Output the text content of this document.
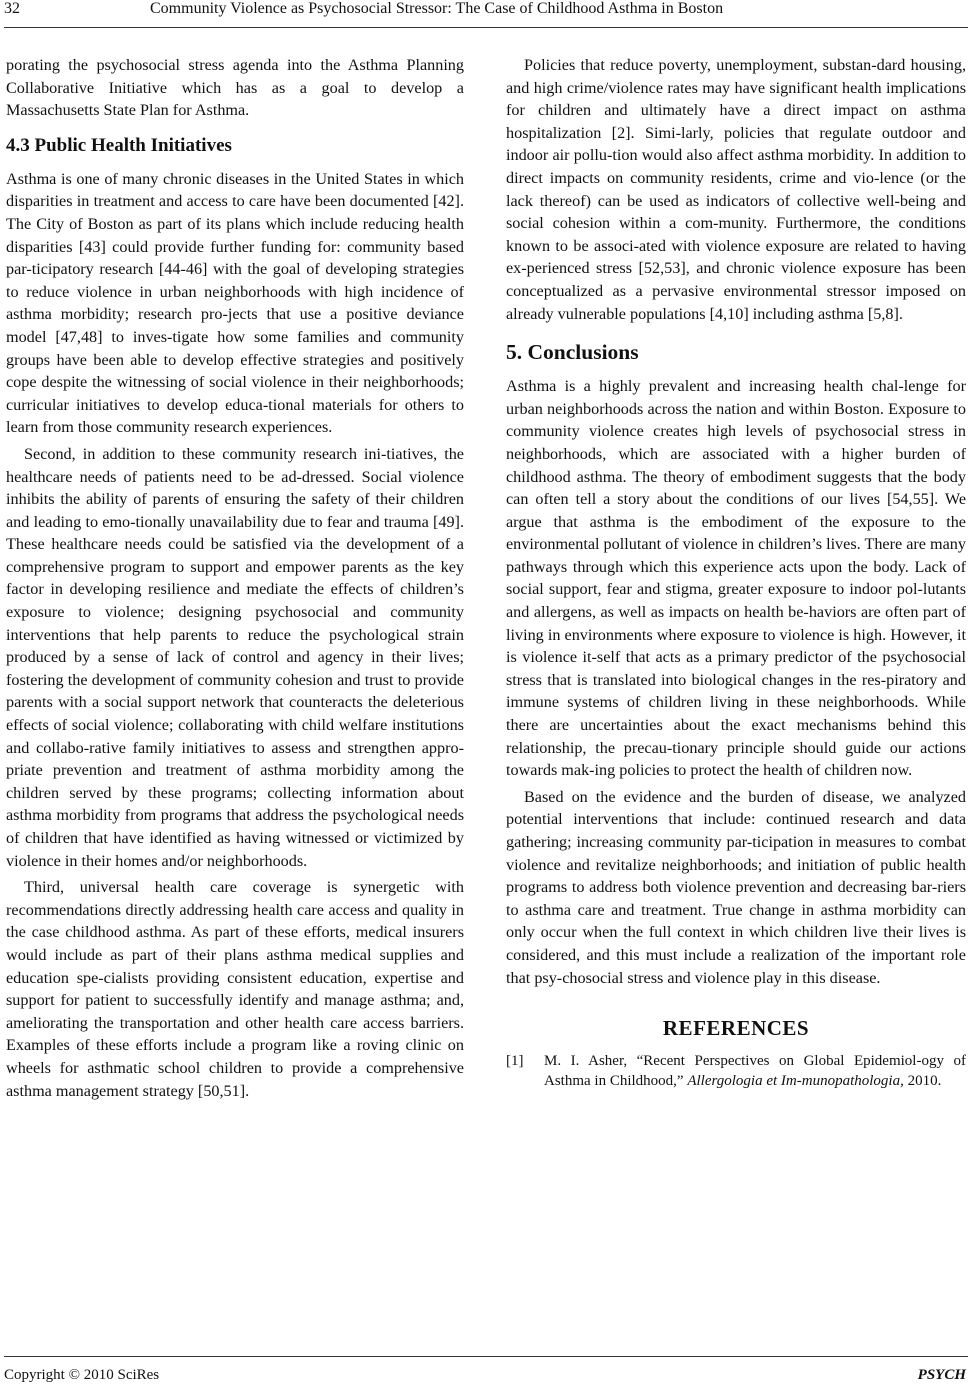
32	Community Violence as Psychosocial Stressor: The Case of Childhood Asthma in Boston

porating the psychosocial stress agenda into the Asthma Planning Collaborative Initiative which has as a goal to develop a Massachusetts State Plan for Asthma.

4.3 Public Health Initiatives

Asthma is one of many chronic diseases in the United States in which disparities in treatment and access to care have been documented [42]. The City of Boston as part of its plans which include reducing health disparities [43] could provide further funding for: community based par-ticipatory research [44-46] with the goal of developing strategies to reduce violence in urban neighborhoods with high incidence of asthma morbidity; research pro-jects that use a positive deviance model [47,48] to inves-tigate how some families and community groups have been able to develop effective strategies and positively cope despite the witnessing of social violence in their neighborhoods; curricular initiatives to develop educa-tional materials for others to learn from those community research experiences.

Second, in addition to these community research ini-tiatives, the healthcare needs of patients need to be ad-dressed. Social violence inhibits the ability of parents of ensuring the safety of their children and leading to emo-tionally unavailability due to fear and trauma [49]. These healthcare needs could be satisfied via the development of a comprehensive program to support and empower parents as the key factor in developing resilience and mediate the effects of children’s exposure to violence; designing psychosocial and community interventions that help parents to reduce the psychological strain produced by a sense of lack of control and agency in their lives; fostering the development of community cohesion and trust to provide parents with a social support network that counteracts the deleterious effects of social violence; collaborating with child welfare institutions and collabo-rative family initiatives to assess and strengthen appro-priate prevention and treatment of asthma morbidity among the children served by these programs; collecting information about asthma morbidity from programs that address the psychological needs of children that have identified as having witnessed or victimized by violence in their homes and/or neighborhoods.

Third, universal health care coverage is synergetic with recommendations directly addressing health care access and quality in the case childhood asthma. As part of these efforts, medical insurers would include as part of their plans asthma medical supplies and education spe-cialists providing consistent education, expertise and support for patient to successfully identify and manage asthma; and, ameliorating the transportation and other health care access barriers. Examples of these efforts include a program like a roving clinic on wheels for asthmatic school children to provide a comprehensive asthma management strategy [50,51].

Policies that reduce poverty, unemployment, substan-dard housing, and high crime/violence rates may have significant health implications for children and ultimately have a direct impact on asthma hospitalization [2]. Simi-larly, policies that regulate outdoor and indoor air pollu-tion would also affect asthma morbidity. In addition to direct impacts on community residents, crime and vio-lence (or the lack thereof) can be used as indicators of collective well-being and social cohesion within a com-munity. Furthermore, the conditions known to be associ-ated with violence exposure are related to having ex-perienced stress [52,53], and chronic violence exposure has been conceptualized as a pervasive environmental stressor imposed on already vulnerable populations [4,10] including asthma [5,8].

5. Conclusions

Asthma is a highly prevalent and increasing health chal-lenge for urban neighborhoods across the nation and within Boston. Exposure to community violence creates high levels of psychosocial stress in neighborhoods, which are associated with a higher burden of childhood asthma. The theory of embodiment suggests that the body can often tell a story about the conditions of our lives [54,55]. We argue that asthma is the embodiment of the exposure to the environmental pollutant of violence in children’s lives. There are many pathways through which this experience acts upon the body. Lack of social support, fear and stigma, greater exposure to indoor pol-lutants and allergens, as well as impacts on health be-haviors are often part of living in environments where exposure to violence is high. However, it is violence it-self that acts as a primary predictor of the psychosocial stress that is translated into biological changes in the res-piratory and immune systems of children living in these neighborhoods. While there are uncertainties about the exact mechanisms behind this relationship, the precau-tionary principle should guide our actions towards mak-ing policies to protect the health of children now.

Based on the evidence and the burden of disease, we analyzed potential interventions that include: continued research and data gathering; increasing community par-ticipation in measures to combat violence and revitalize neighborhoods; and initiation of public health programs to address both violence prevention and decreasing bar-riers to asthma care and treatment. True change in asthma morbidity can only occur when the full context in which children live their lives is considered, and this must include a realization of the important role that psy-chosocial stress and violence play in this disease.

REFERENCES
[1]	M. I. Asher, “Recent Perspectives on Global Epidemiol-ogy of Asthma in Childhood,” Allergologia et Im-munopathologia, 2010.
Copyright © 2010 SciRes	PSYCH
